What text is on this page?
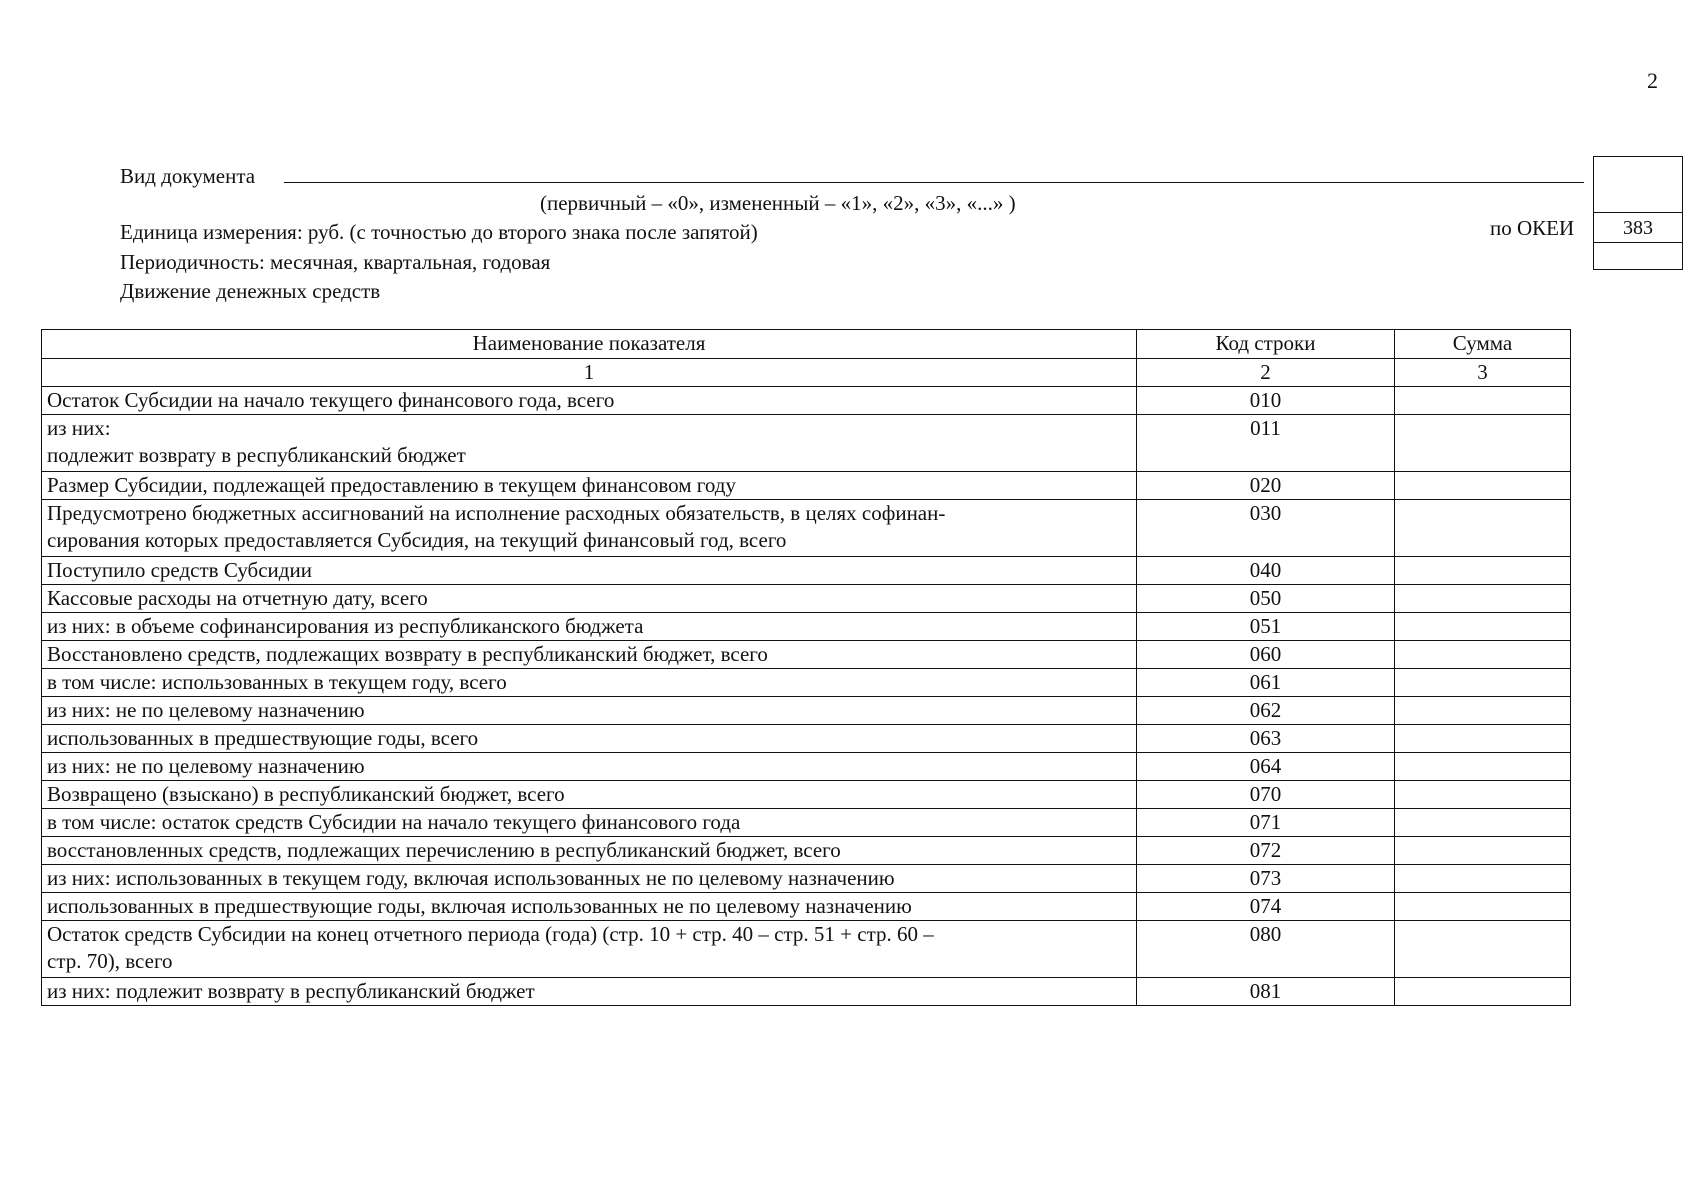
2
Вид документа
(первичный – «0», измененный – «1», «2», «3», «...» )
Единица измерения: руб. (с точностью до второго знака после запятой)	по ОКЕИ
Периодичность: месячная, квартальная, годовая
Движение денежных средств
383
Наименование показателя	Код строки	Сумма
1	2	3
Остаток Субсидии на начало текущего финансового года, всего	010	
из них:
подлежит возврату в республиканский бюджет	011	
Размер Субсидии, подлежащей предоставлению в текущем финансовом году	020	
Предусмотрено бюджетных ассигнований на исполнение расходных обязательств, в целях софинан-
сирования которых предоставляется Субсидия, на текущий финансовый год, всего	030	
Поступило средств Субсидии	040	
Кассовые расходы на отчетную дату, всего	050	
из них: в объеме софинансирования из республиканского бюджета	051	
Восстановлено средств, подлежащих возврату в республиканский бюджет, всего	060	
в том числе: использованных в текущем году, всего	061	
из них: не по целевому назначению	062	
использованных в предшествующие годы, всего	063	
из них: не по целевому назначению	064	
Возвращено (взыскано) в республиканский бюджет, всего	070	
в том числе: остаток средств Субсидии на начало текущего финансового года	071	
восстановленных средств, подлежащих перечислению в республиканский бюджет, всего	072	
из них: использованных в текущем году, включая использованных не по целевому назначению	073	
использованных в предшествующие годы, включая использованных не по целевому назначению	074	
Остаток средств Субсидии на конец отчетного периода (года) (стр. 10 + стр. 40 – стр. 51 + стр. 60 –
стр. 70), всего	080	
из них: подлежит возврату в республиканский бюджет	081	
